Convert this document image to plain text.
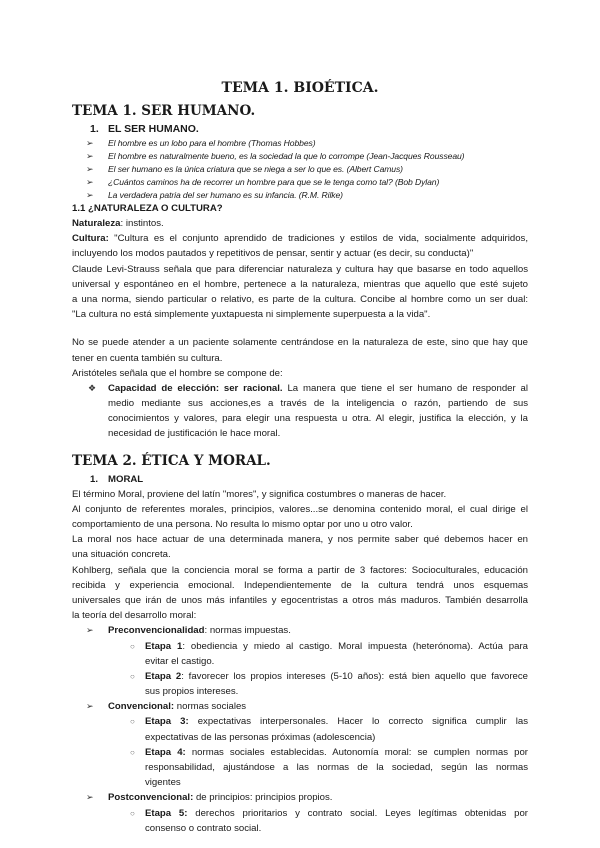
TEMA 1. BIOÉTICA.
TEMA 1. SER HUMANO.
1. EL SER HUMANO.
➢ El hombre es un lobo para el hombre (Thomas Hobbes)
➢ El hombre es naturalmente bueno, es la sociedad la que lo corrompe (Jean-Jacques Rousseau)
➢ El ser humano es la única criatura que se niega a ser lo que es. (Albert Camus)
➢ ¿Cuántos caminos ha de recorrer un hombre para que se le tenga como tal? (Bob Dylan)
➢ La verdadera patria del ser humano es su infancia. (R.M. Rilke)
1.1 ¿NATURALEZA O CULTURA?
Naturaleza: instintos.
Cultura: "Cultura es el conjunto aprendido de tradiciones y estilos de vida, socialmente adquiridos,
incluyendo los modos pautados y repetitivos de pensar, sentir y actuar (es decir, su conducta)"
Claude Levi-Strauss señala que para diferenciar naturaleza y cultura hay que basarse en todo aquellos
universal y espontáneo en el hombre, pertenece a la naturaleza, mientras que aquello que esté sujeto
a una norma, siendo particular o relativo, es parte de la cultura. Concibe al hombre como un ser dual:
"La cultura no está simplemente yuxtapuesta ni simplemente superpuesta a la vida".
No se puede atender a un paciente solamente centrándose en la naturaleza de este, sino que hay que
tener en cuenta también su cultura.
Aristóteles señala que el hombre se compone de:
❖ Capacidad de elección: ser racional. La manera que tiene el ser humano de responder al
medio mediante sus acciones,es a través de la inteligencia o razón, partiendo de sus
conocimientos y valores, para elegir una respuesta u otra. Al elegir, justifica la elección, y la
necesidad de justificación le hace moral.
TEMA 2. ÉTICA Y MORAL.
1. MORAL
El término Moral, proviene del latín "mores", y significa costumbres o maneras de hacer.
Al conjunto de referentes morales, principios, valores...se denomina contenido moral, el cual dirige el
comportamiento de una persona. No resulta lo mismo optar por uno u otro valor.
La moral nos hace actuar de una determinada manera, y nos permite saber qué debemos hacer en
una situación concreta.
Kohlberg, señala que la conciencia moral se forma a partir de 3 factores: Socioculturales, educación
recibida y experiencia emocional. Independientemente de la cultura tendrá unos esquemas
universales que irán de unos más infantiles y egocentristas a otros más maduros. También desarrolla
la teoría del desarrollo moral:
➢ Preconvencionalidad: normas impuestas.
○ Etapa 1: obediencia y miedo al castigo. Moral impuesta (heterónoma). Actúa para
evitar el castigo.
○ Etapa 2: favorecer los propios intereses (5-10 años): está bien aquello que favorece
sus propios intereses.
➢ Convencional: normas sociales
○ Etapa 3: expectativas interpersonales. Hacer lo correcto significa cumplir las
expectativas de las personas próximas (adolescencia)
○ Etapa 4: normas sociales establecidas. Autonomía moral: se cumplen normas por
responsabilidad, ajustándose a las normas de la sociedad, según las normas
vigentes
➢ Postconvencional: de principios: principios propios.
○ Etapa 5: derechos prioritarios y contrato social. Leyes legítimas obtenidas por
consenso o contrato social.
